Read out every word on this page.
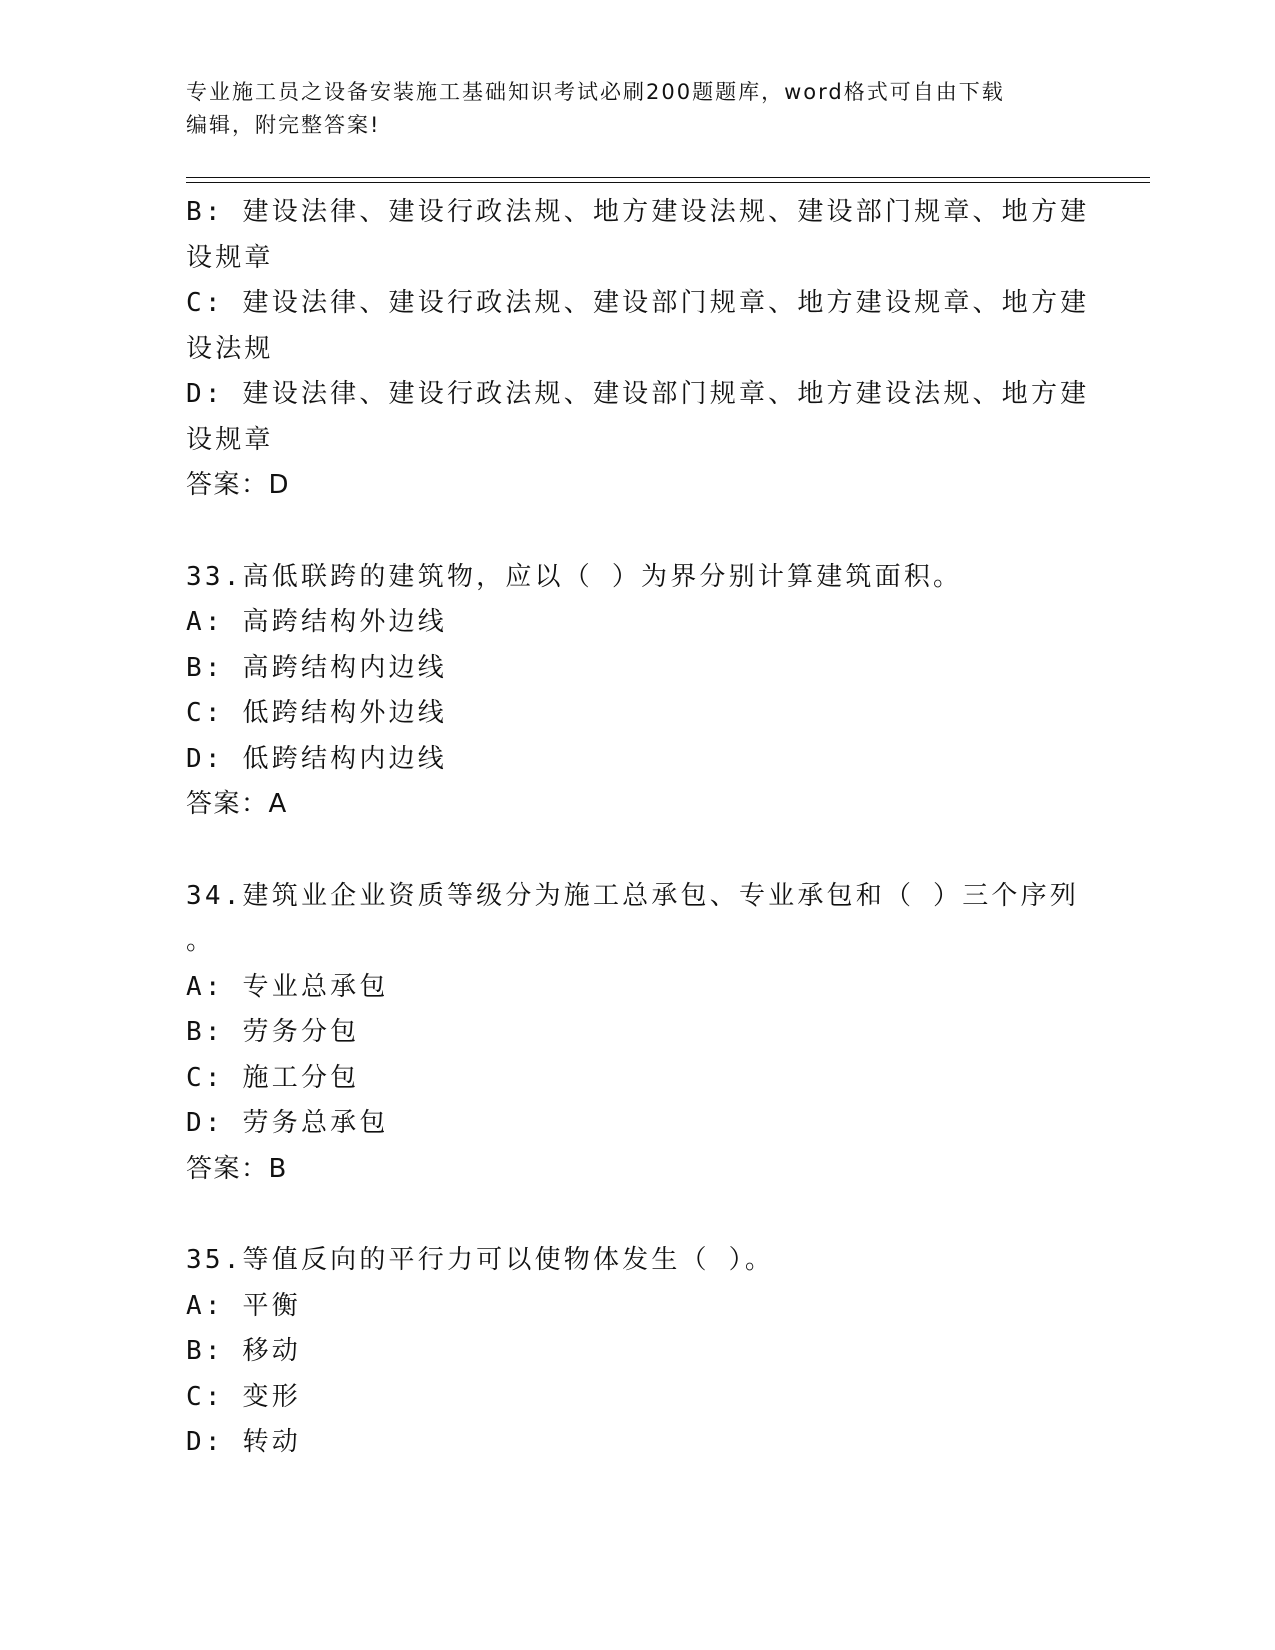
专业施工员之设备安装施工基础知识考试必刷200题题库，word格式可自由下载
编辑，附完整答案!
B: 建设法律、建设行政法规、地方建设法规、建设部门规章、地方建
设规章
C: 建设法律、建设行政法规、建设部门规章、地方建设规章、地方建
设法规
D: 建设法律、建设行政法规、建设部门规章、地方建设法规、地方建
设规章
答案：D
33.高低联跨的建筑物，应以（ ）为界分别计算建筑面积。
A: 高跨结构外边线
B: 高跨结构内边线
C: 低跨结构外边线
D: 低跨结构内边线
答案：A
34.建筑业企业资质等级分为施工总承包、专业承包和（ ）三个序列
。
A: 专业总承包
B: 劳务分包
C: 施工分包
D: 劳务总承包
答案：B
35.等值反向的平行力可以使物体发生（ ）。
A: 平衡
B: 移动
C: 变形
D: 转动
